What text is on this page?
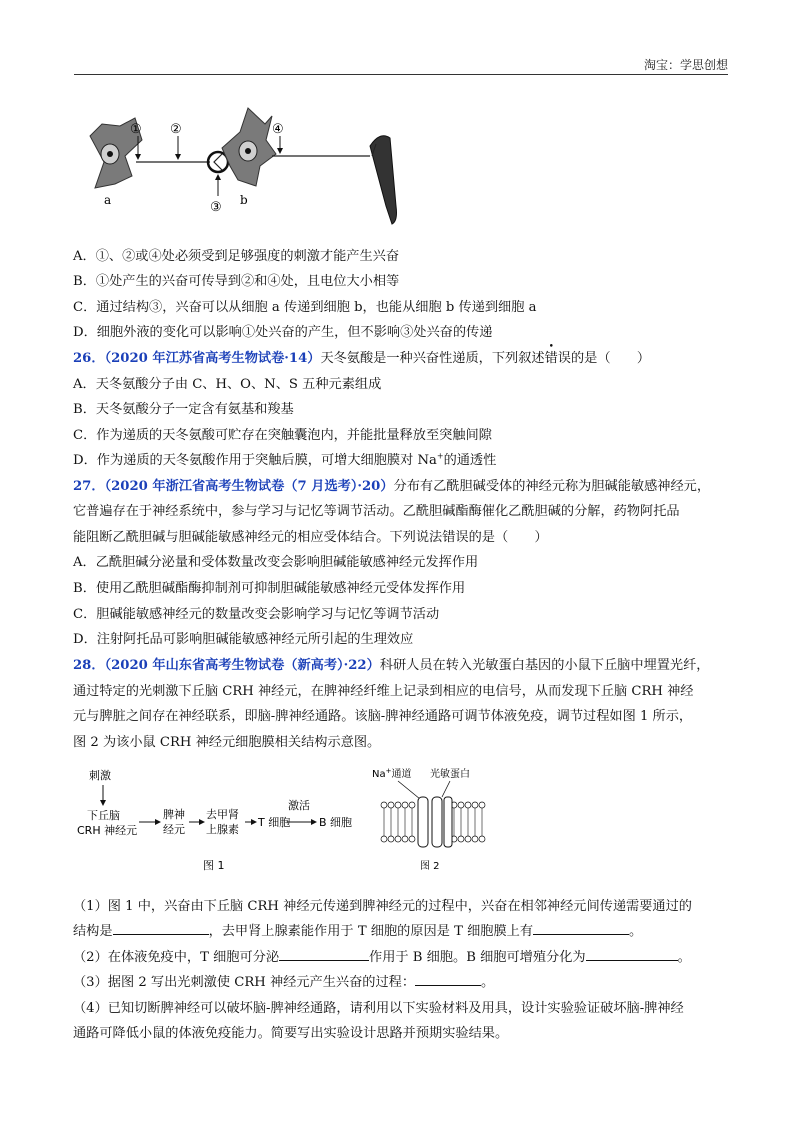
淘宝：学思创想
① ②
③
④
a	b
A．①、②或④处必须受到足够强度的刺激才能产生兴奋
B．①处产生的兴奋可传导到②和④处，且电位大小相等
C．通过结构③，兴奋可以从细胞 a 传递到细胞 b，也能从细胞 b 传递到细胞 a
D．细胞外液的变化可以影响①处兴奋的产生，但不影响③处兴奋的传递
26．（2020 年江苏省高考生物试卷·14）天冬氨酸是一种兴奋性递质，下列叙述错误的是（　　）
A．天冬氨酸分子由 C、H、O、N、S 五种元素组成
B．天冬氨酸分子一定含有氨基和羧基
C．作为递质的天冬氨酸可贮存在突触囊泡内，并能批量释放至突触间隙
D．作为递质的天冬氨酸作用于突触后膜，可增大细胞膜对 Na+的通透性
27．（2020 年浙江省高考生物试卷（7 月选考）·20）分布有乙酰胆碱受体的神经元称为胆碱能敏感神经元，
它普遍存在于神经系统中，参与学习与记忆等调节活动。乙酰胆碱酯酶催化乙酰胆碱的分解，药物阿托品
能阻断乙酰胆碱与胆碱能敏感神经元的相应受体结合。下列说法错误的是（　　）
A．乙酰胆碱分泌量和受体数量改变会影响胆碱能敏感神经元发挥作用
B．使用乙酰胆碱酯酶抑制剂可抑制胆碱能敏感神经元受体发挥作用
C．胆碱能敏感神经元的数量改变会影响学习与记忆等调节活动
D．注射阿托品可影响胆碱能敏感神经元所引起的生理效应
28．（2020 年山东省高考生物试卷（新高考）·22）科研人员在转入光敏蛋白基因的小鼠下丘脑中埋置光纤，
通过特定的光刺激下丘脑 CRH 神经元，在脾神经纤维上记录到相应的电信号，从而发现下丘脑 CRH 神经
元与脾脏之间存在神经联系，即脑-脾神经通路。该脑-脾神经通路可调节体液免疫，调节过程如图 1 所示，
图 2 为该小鼠 CRH 神经元细胞膜相关结构示意图。
刺激
下丘脑
CRH 神经元
脾神
经元
去甲肾
上腺素
T 细胞
激活
B 细胞
图 1
Na+通道 光敏蛋白
图 2
（1）图 1 中，兴奋由下丘脑 CRH 神经元传递到脾神经元的过程中，兴奋在相邻神经元间传递需要通过的
结构是	，去甲肾上腺素能作用于 T 细胞的原因是 T 细胞膜上有	。
（2）在体液免疫中，T 细胞可分泌	作用于 B 细胞。B 细胞可增殖分化为	。
（3）据图 2 写出光刺激使 CRH 神经元产生兴奋的过程：	。
（4）已知切断脾神经可以破坏脑-脾神经通路，请利用以下实验材料及用具，设计实验验证破坏脑-脾神经
通路可降低小鼠的体液免疫能力。简要写出实验设计思路并预期实验结果。
